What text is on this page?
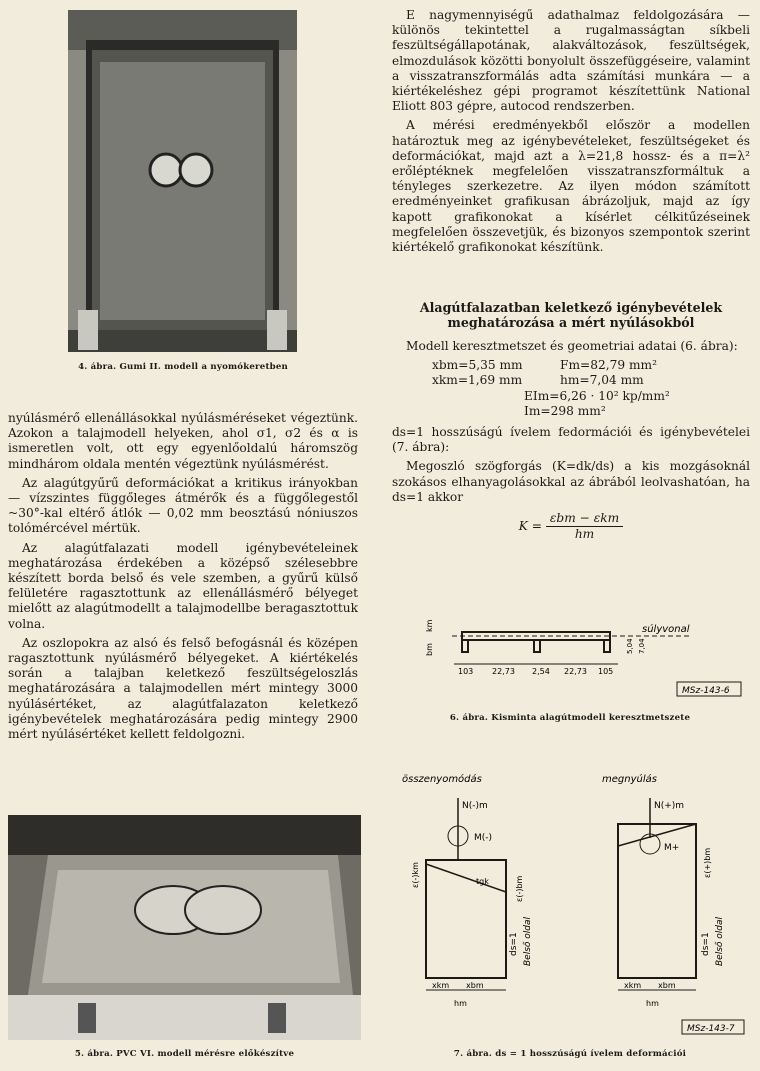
4. ábra. Gumi II. modell a nyomókeretben
5. ábra. PVC VI. modell mérésre előkészítve

nyúlásmérő ellenállásokkal nyúlásméréseket végeztünk. Azokon a talajmodell helyeken, ahol σ1, σ2 és α is ismeretlen volt, ott egy egyenlőoldalú háromszög mindhárom oldala mentén végeztünk nyúlásmérést.

Az alagútgyűrű deformációkat a kritikus irányokban — vízszintes függőleges átmérők és a függőlegestől ~30°-kal eltérő átlók — 0,02 mm beosztású nóniuszos tolómércével mértük.

Az alagútfalazati modell igénybevételeinek meghatározása érdekében a középső szélesebbre készített borda belső és vele szemben, a gyűrű külső felületére ragasztottunk az ellenállásmérő bélyeget mielőtt az alagútmodellt a talajmodellbe beragasztottuk volna.

Az oszlopokra az alsó és felső befogásnál és középen ragasztottunk nyúlásmérő bélyegeket. A kiértékelés során a talajban keletkező feszültségeloszlás meghatározására a talajmodellen mért mintegy 3000 nyúlásértéket, az alagútfalazaton keletkező igénybevételek meghatározására pedig mintegy 2900 mért nyúlásértéket kellett feldolgozni.

E nagymennyiségű adathalmaz feldolgozására — különös tekintettel a rugalmasságtan síkbeli feszültségállapotának, alakváltozások, feszültségek, elmozdulások közötti bonyolult összefüggéseire, valamint a visszatranszformálás adta számítási munkára — a kiértékeléshez gépi programot készítettünk National Eliott 803 gépre, autocod rendszerben.

A mérési eredményekből először a modellen határoztuk meg az igénybevételeket, feszültségeket és deformációkat, majd azt a λ=21,8 hossz- és a π=λ² erőléptéknek megfelelően visszatranszformáltuk a tényleges szerkezetre. Az ilyen módon számított eredményeinket grafikusan ábrázoljuk, majd az így kapott grafikonokat a kísérlet célkitűzéseinek megfelelően összevetjük, és bizonyos szempontok szerint kiértékelő grafikonokat készítünk.

Alagútfalazatban keletkező igénybevételek meghatározása a mért nyúlásokból

Modell keresztmetszet és geometriai adatai (6. ábra):

xbm=5,35 mm	Fm=82,79 mm²
xkm=1,69 mm	hm=7,04 mm
EIm=6,26 · 10² kp/mm²
Im=298 mm²

ds=1 hosszúságú ívelem fedormációi és igénybevételei (7. ábra):

Megoszló szögforgás (K=dk/ds) a kis mozgásoknál szokásos elhanyagolásokkal az ábrából leolvashatóan, ha ds=1 akkor

$K = \frac{\text{εbm − εkm}}{hm}$
súlyvonal
km
bm
103 22,73 2,54 22,73 105
5,04 7,04
MSz-143-6
6. ábra. Kisminta alagútmodell keresztmetszete
összenyomódás	megnyúlás
N(-)m
M(-)
ε(-)km
ε(-)bm
tgk
ds=1 Belső oldal
xkm xbm
hm
N(+)m
M+	ε(+)bm
ds=1 Belső oldal
xkm xbm
hm
MSz-143-7
7. ábra. ds = 1 hosszúságú ívelem deformációi
